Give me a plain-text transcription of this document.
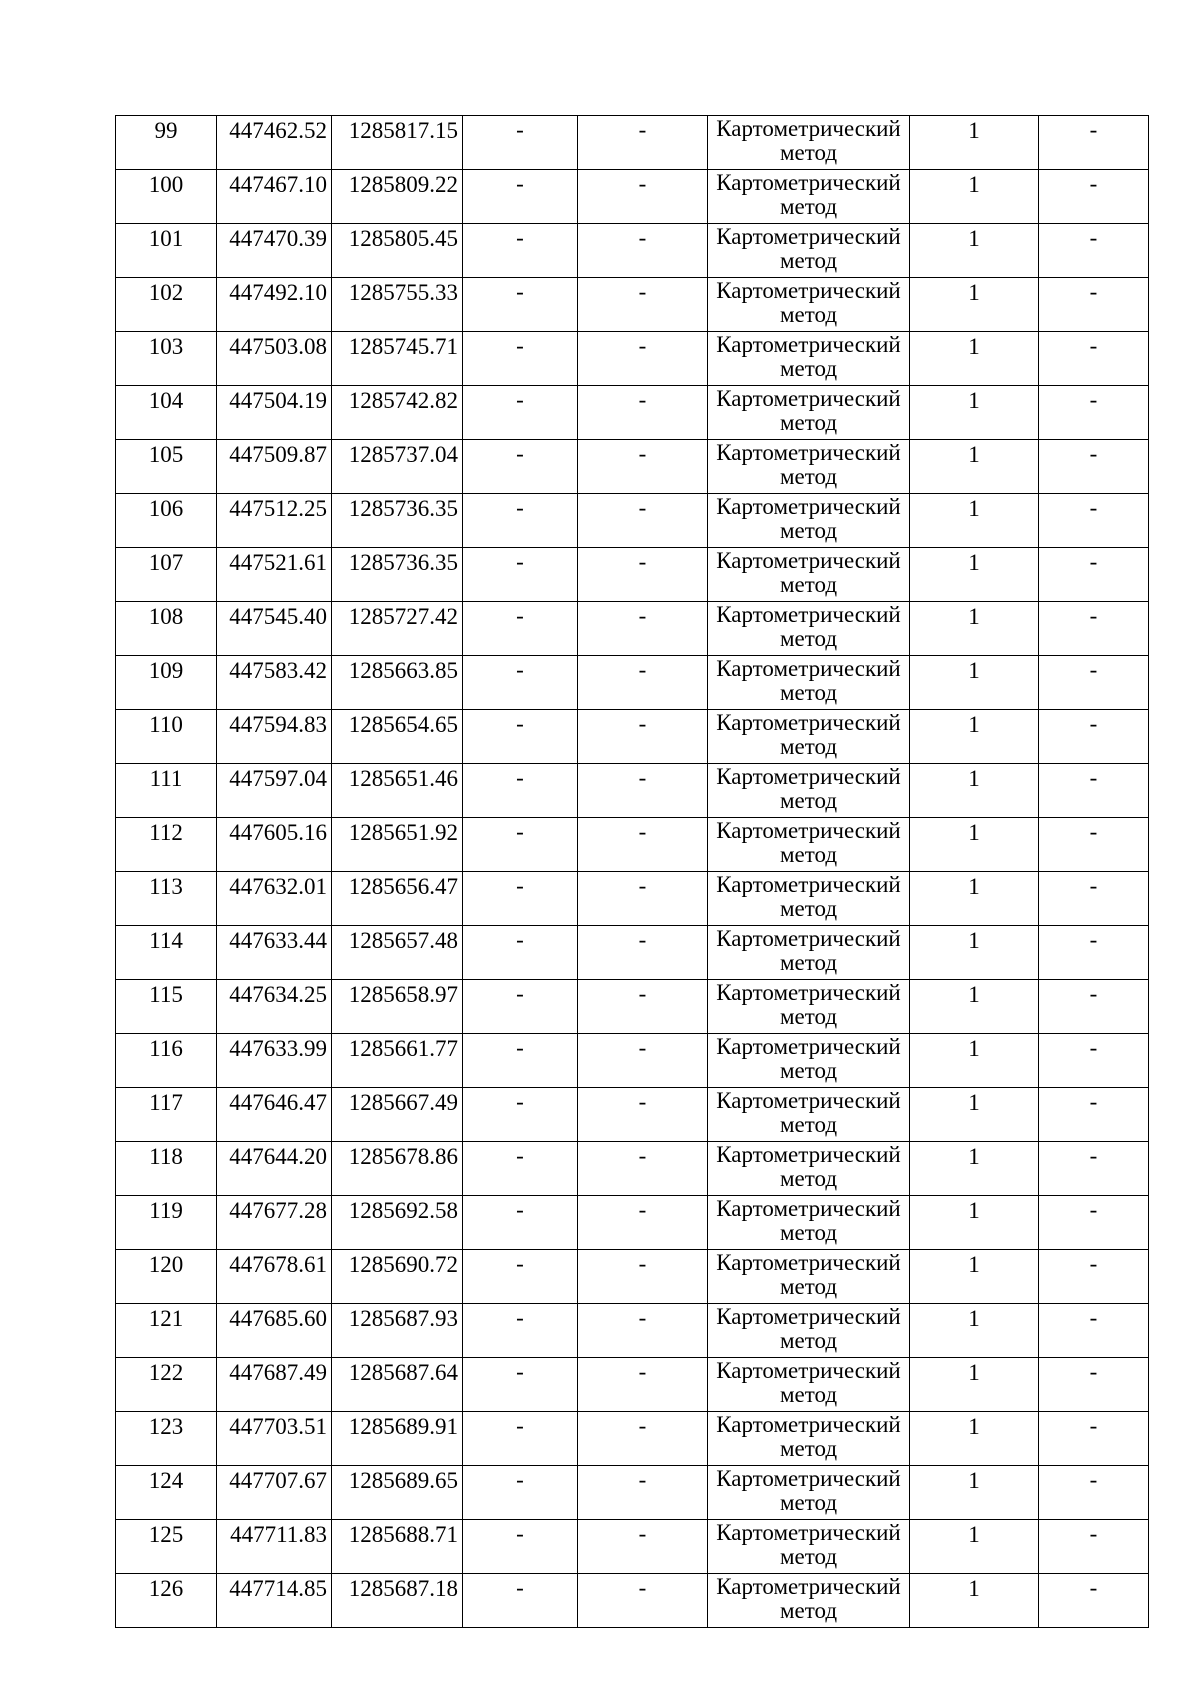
99	447462.52	1285817.15	-	-	Картометрический метод	1	-
100	447467.10	1285809.22	-	-	Картометрический метод	1	-
101	447470.39	1285805.45	-	-	Картометрический метод	1	-
102	447492.10	1285755.33	-	-	Картометрический метод	1	-
103	447503.08	1285745.71	-	-	Картометрический метод	1	-
104	447504.19	1285742.82	-	-	Картометрический метод	1	-
105	447509.87	1285737.04	-	-	Картометрический метод	1	-
106	447512.25	1285736.35	-	-	Картометрический метод	1	-
107	447521.61	1285736.35	-	-	Картометрический метод	1	-
108	447545.40	1285727.42	-	-	Картометрический метод	1	-
109	447583.42	1285663.85	-	-	Картометрический метод	1	-
110	447594.83	1285654.65	-	-	Картометрический метод	1	-
111	447597.04	1285651.46	-	-	Картометрический метод	1	-
112	447605.16	1285651.92	-	-	Картометрический метод	1	-
113	447632.01	1285656.47	-	-	Картометрический метод	1	-
114	447633.44	1285657.48	-	-	Картометрический метод	1	-
115	447634.25	1285658.97	-	-	Картометрический метод	1	-
116	447633.99	1285661.77	-	-	Картометрический метод	1	-
117	447646.47	1285667.49	-	-	Картометрический метод	1	-
118	447644.20	1285678.86	-	-	Картометрический метод	1	-
119	447677.28	1285692.58	-	-	Картометрический метод	1	-
120	447678.61	1285690.72	-	-	Картометрический метод	1	-
121	447685.60	1285687.93	-	-	Картометрический метод	1	-
122	447687.49	1285687.64	-	-	Картометрический метод	1	-
123	447703.51	1285689.91	-	-	Картометрический метод	1	-
124	447707.67	1285689.65	-	-	Картометрический метод	1	-
125	447711.83	1285688.71	-	-	Картометрический метод	1	-
126	447714.85	1285687.18	-	-	Картометрический метод	1	-
